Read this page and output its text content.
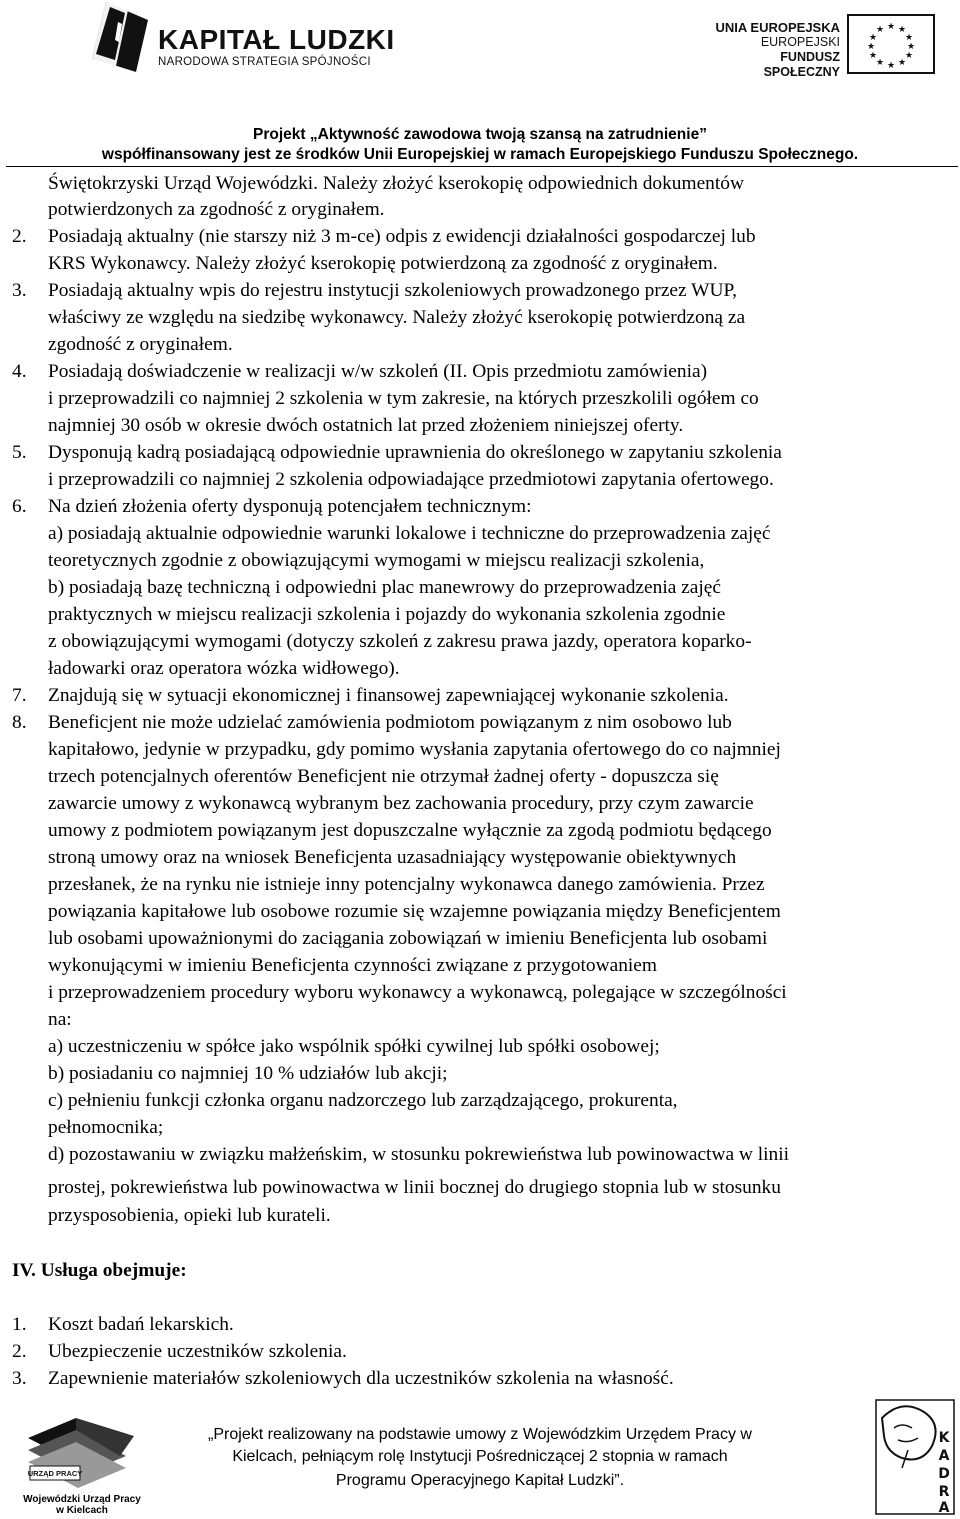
KAPITAŁ LUDZKI
NARODOWA STRATEGIA SPÓJNOŚCI
UNIA EUROPEJSKA
EUROPEJSKI
FUNDUSZ SPOŁECZNY
★ ★
★
★
★
★
★
★
★
★
★
★
Projekt „Aktywność zawodowa twoją szansą na zatrudnienie”
współfinansowany jest ze środków Unii Europejskiej w ramach Europejskiego Funduszu Społecznego.
2.
3.
4.
5.
6.
7.
8.
Świętokrzyski Urząd Wojewódzki. Należy złożyć kserokopię odpowiednich dokumentów
potwierdzonych za zgodność z oryginałem.
Posiadają aktualny (nie starszy niż 3 m-ce) odpis z ewidencji działalności gospodarczej lub
KRS Wykonawcy. Należy złożyć kserokopię potwierdzoną za zgodność z oryginałem.
Posiadają aktualny wpis do rejestru instytucji szkoleniowych prowadzonego przez WUP,
właściwy ze względu na siedzibę wykonawcy. Należy złożyć kserokopię potwierdzoną za
zgodność z oryginałem.
Posiadają doświadczenie w realizacji w/w szkoleń (II. Opis przedmiotu zamówienia)
i przeprowadzili co najmniej 2 szkolenia w tym zakresie, na których przeszkolili ogółem co
najmniej 30 osób w okresie dwóch ostatnich lat przed złożeniem niniejszej oferty.
Dysponują kadrą posiadającą odpowiednie uprawnienia do określonego w zapytaniu szkolenia
i przeprowadzili co najmniej 2 szkolenia odpowiadające przedmiotowi zapytania ofertowego.
Na dzień złożenia oferty dysponują potencjałem technicznym:
a) posiadają aktualnie odpowiednie warunki lokalowe i techniczne do przeprowadzenia zajęć
teoretycznych zgodnie z obowiązującymi wymogami w miejscu realizacji szkolenia,
b) posiadają bazę techniczną i odpowiedni plac manewrowy do przeprowadzenia zajęć
praktycznych w miejscu realizacji szkolenia i pojazdy do wykonania szkolenia zgodnie
z obowiązującymi wymogami (dotyczy szkoleń z zakresu prawa jazdy, operatora koparko-
ładowarki oraz operatora wózka widłowego).
Znajdują się w sytuacji ekonomicznej i finansowej zapewniającej wykonanie szkolenia.
Beneficjent nie może udzielać zamówienia podmiotom powiązanym z nim osobowo lub
kapitałowo, jedynie w przypadku, gdy pomimo wysłania zapytania ofertowego do co najmniej
trzech potencjalnych oferentów Beneficjent nie otrzymał żadnej oferty - dopuszcza się
zawarcie umowy z wykonawcą wybranym bez zachowania procedury, przy czym zawarcie
umowy z podmiotem powiązanym jest dopuszczalne wyłącznie za zgodą podmiotu będącego
stroną umowy oraz na wniosek Beneficjenta uzasadniający występowanie obiektywnych
przesłanek, że na rynku nie istnieje inny potencjalny wykonawca danego zamówienia. Przez
powiązania kapitałowe lub osobowe rozumie się wzajemne powiązania między Beneficjentem
lub osobami upoważnionymi do zaciągania zobowiązań w imieniu Beneficjenta lub osobami
wykonującymi w imieniu Beneficjenta czynności związane z przygotowaniem
i przeprowadzeniem procedury wyboru wykonawcy a wykonawcą, polegające w szczególności
na:
a) uczestniczeniu w spółce jako wspólnik spółki cywilnej lub spółki osobowej;
b) posiadaniu co najmniej 10 % udziałów lub akcji;
c) pełnieniu funkcji członka organu nadzorczego lub zarządzającego, prokurenta,
pełnomocnika;
d) pozostawaniu w związku małżeńskim, w stosunku pokrewieństwa lub powinowactwa w linii
prostej, pokrewieństwa lub powinowactwa w linii bocznej do drugiego stopnia lub w stosunku
przysposobienia, opieki lub kurateli.
IV. Usługa obejmuje:
1.
2.
3.
Koszt badań lekarskich.
Ubezpieczenie uczestników szkolenia.
Zapewnienie materiałów szkoleniowych dla uczestników szkolenia na własność.
URZĄD PRACY
Wojewódzki Urząd Pracy
w Kielcach
„Projekt realizowany na podstawie umowy z Wojewódzkim Urzędem Pracy w
Kielcach, pełniącym rolę Instytucji Pośredniczącej 2 stopnia w ramach
Programu Operacyjnego Kapitał Ludzki”.
K
A
D
R
A
